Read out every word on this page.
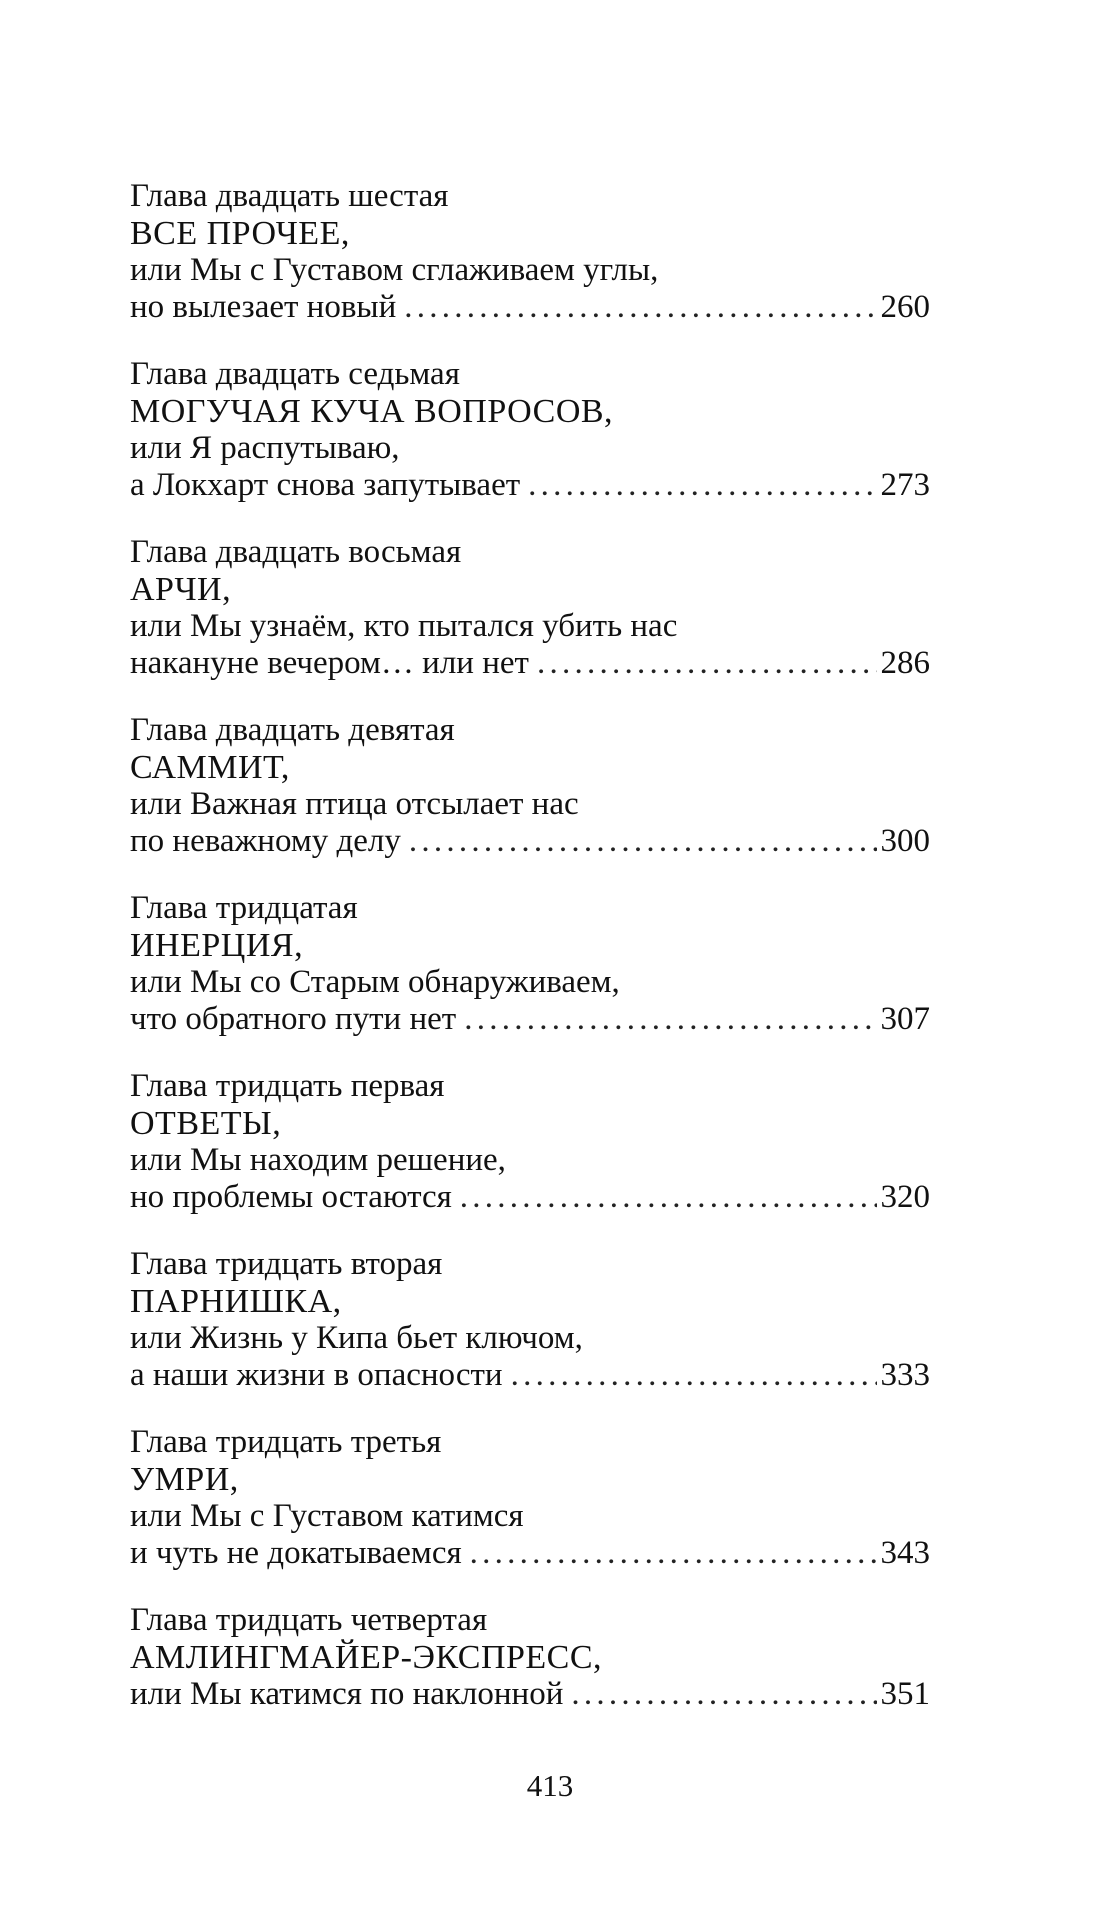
Глава двадцать шестая
ВСЕ ПРОЧЕЕ,
или Мы с Густавом сглаживаем углы,
но вылезает новый . . .	260
Глава двадцать седьмая
МОГУЧАЯ КУЧА ВОПРОСОВ,
или Я распутываю,
а Локхарт снова запутывает . . .	273
Глава двадцать восьмая
АРЧИ,
или Мы узнаём, кто пытался убить нас
накануне вечером… или нет . . .	286
Глава двадцать девятая
САММИТ,
или Важная птица отсылает нас
по неважному делу . . .	300
Глава тридцатая
ИНЕРЦИЯ,
или Мы со Старым обнаруживаем,
что обратного пути нет . . .	307
Глава тридцать первая
ОТВЕТЫ,
или Мы находим решение,
но проблемы остаются . . .	320
Глава тридцать вторая
ПАРНИШКА,
или Жизнь у Кипа бьет ключом,
а наши жизни в опасности . . .	333
Глава тридцать третья
УМРИ,
или Мы с Густавом катимся
и чуть не докатываемся . . .	343
Глава тридцать четвертая
АМЛИНГМАЙЕР-ЭКСПРЕСС,
или Мы катимся по наклонной . . .	351
413
